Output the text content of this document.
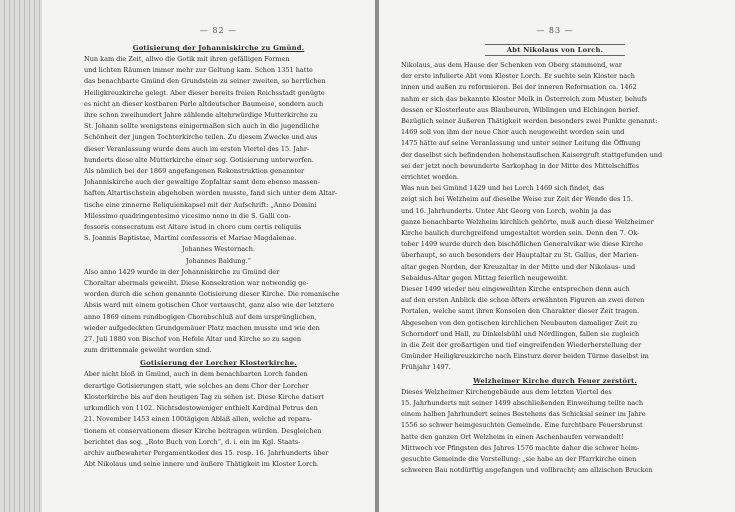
— 82 —
Gotisierung der Johanniskirche zu Gmünd.

Nun kam die Zeit, allwo die Gotik mit ihren gefälligen Formen
und lichten Räumen immer mehr zur Geltung kam. Schon 1351 hatte
das benachbarte Gmünd den Grundstein zu seiner zweiten, so herrlichen
Heiligkreuzkirche gelegt. Aber dieser bereits freien Reichsstadt genügte
es nicht an dieser kostbaren Perle altdeutscher Baumeise, sondern auch
ihre schon zweihundert Jahre zählende altehrwürdige Mutterkirche zu
St. Johann sollte wenigstens einigermaßen sich auch in die jugendliche
Schönheit der jungen Tochterkirche teilen. Zu diesem Zwecke und aus
dieser Veranlassung wurde dem auch im ersten Viertel des 15. Jahr-
hunderts diese alte Mutterkirche einer sog. Gotisierung unterworfen.

Als nämlich bei der 1869 angefangenen Rekonstruktion genannter
Johanniskirche auch der gewaltige Zopfaltar samt dem ebenso massen-
haften Altartischstein abgehoben worden musste, fand sich unter dem Altar-
tische eine zinnerne Reliquienkapsel mit der Aufschrift: „Anno Domini
Milessimo quadringentesimo vicesimo nono in die S. Galli con-
fessoris consecratum est Altare istud in choro cum certis reliquiis
S. Joannis Baptistae, Martini confessoris et Mariae Magdalenae.

Johannes Westernach.
Johannes Baldung.“

Also anno 1429 wurde in der Johanniskirche zu Gmünd der
Choraltar abermals geweiht. Diese Konsekration war notwendig ge-
worden durch die schon genannte Gotisierung dieser Kirche. Die romanische
Absis ward mit einem gotischen Chor vertauscht, ganz also wie der letztere
anno 1869 einem rundbogigen Chorabschluß auf dem ursprünglichen,
wieder aufgedeckten Grundgemäuer Platz machen musste und wie den
27. Juli 1880 von Bischof von Hefele Altar und Kirche so zu sagen
zum drittenmale geweiht worden sind.

Gotisierung der Lorcher Klosterkirche.

Aber nicht bloß in Gmünd, auch in dem benachbarten Lorch fanden
derartige Gotisierungen statt, wie solches an dem Chor der Lorcher
Klosterkirche bis auf den heutigen Tag zu sehen ist. Diese Kirche datiert
urkundlich von 1102. Nichtsdestoweniger enthielt Kardinal Petrus den
21. November 1453 einen 100tägigen Ablaß allen, welche ad repara-
tionem et conservationem dieser Kirche beitragen würden. Desgleichen
berichtet das sog. „Rote Buch von Lorch“, d. i. ein im Kgl. Staats-
archiv aufbewahrter Pergamentkodex des 15. resp. 16. Jahrhunderts über
Abt Nikolaus und seine innere und äußere Thätigkeit im Kloster Lorch.

— 83 —
Abt Nikolaus von Lorch.

Nikolaus, aus dem Hause der Schenken von Oberg stammend, war
der erste infulierte Abt vom Kloster Lorch. Er suchte sein Kloster nach
innen und außen zu reformieren. Bei der inneren Reformation ca. 1462
nahm er sich das bekannte Kloster Melk in Österreich zum Muster, behufs
dessen er Klosterleute aus Blaubeuren, Wiblingen und Elchingen berief.
Bezüglich seiner äußeren Thätigkeit werden besonders zwei Punkte genannt:
1469 soll von ihm der neue Chor auch neugeweiht worden sein und
1475 hätte auf seine Veranlassung und unter seiner Leitung die Öffnung
der daselbst sich befindenden hohenstaufischen Kaisergruft stattgefunden und
sei der jetzt noch bewunderte Sarkophag in der Mitte des Mittelschiffes
errichtet worden.

Was nun bei Gmünd 1429 und bei Lorch 1469 sich findet, das
zeigt sich bei Welzheim auf dieselbe Weise zur Zeit der Wende des 15.
und 16. Jahrhunderts. Unter Abt Georg von Lorch, wohin ja das
ganze benachbarte Welzheim kirchlich gehörte, muß auch diese Welzheimer
Kirche baulich durchgreifend umgestaltet worden sein. Denn den 7. Ok-
tober 1499 wurde durch den bischöflichen Generalvikar wie diese Kirche
überhaupt, so auch besonders der Hauptaltar zu St. Gallus, der Marien-
altar gegen Norden, der Kreuzaltar in der Mitte und der Nikolaus- und
Sebaldus-Altar gegen Mittag feierlich neugeweiht.

Dieser 1499 wieder neu eingeweihten Kirche entsprechen denn auch
auf den ersten Anblick die schon öfters erwähnten Figuren an zwei deren
Portalen, welche samt ihren Konsolen den Charakter dieser Zeit tragen.
Abgesehen von den gotischen kirchlichen Neubauten damaliger Zeit zu
Schorndorf und Hall, zu Dinkelsbühl und Nördlingen, fallen sie zugleich
in die Zeit der großartigen und tief eingreifenden Wiederherstellung der
Gmünder Heiligkreuzkirche nach Einsturz derer beiden Türme daselbst im
Frühjahr 1497.

Welzheimer Kirche durch Feuer zerstört.

Dieses Welzheimer Kirchengebäude aus dem letzten Viertel des
15. Jahrhunderts mit seiner 1499 abschließenden Einweihung teilte nach
einem halben Jahrhundert seines Bestehens das Schicksal seiner im Jahre
1556 so schwer heimgesuchten Gemeinde. Eine furchtbare Feuersbrunst
hatte den ganzen Ort Welzheim in einen Aschenhaufen verwandelt!
Mittwoch vor Pfingsten des Jahres 1576 machte daher die schwer heim-
gesuchte Gemeinde die Vorstellung: „sie habe an der Pfarrkirche einen
schweren Bau notdürftig angefangen und vollbracht; am allzischen Brucken
